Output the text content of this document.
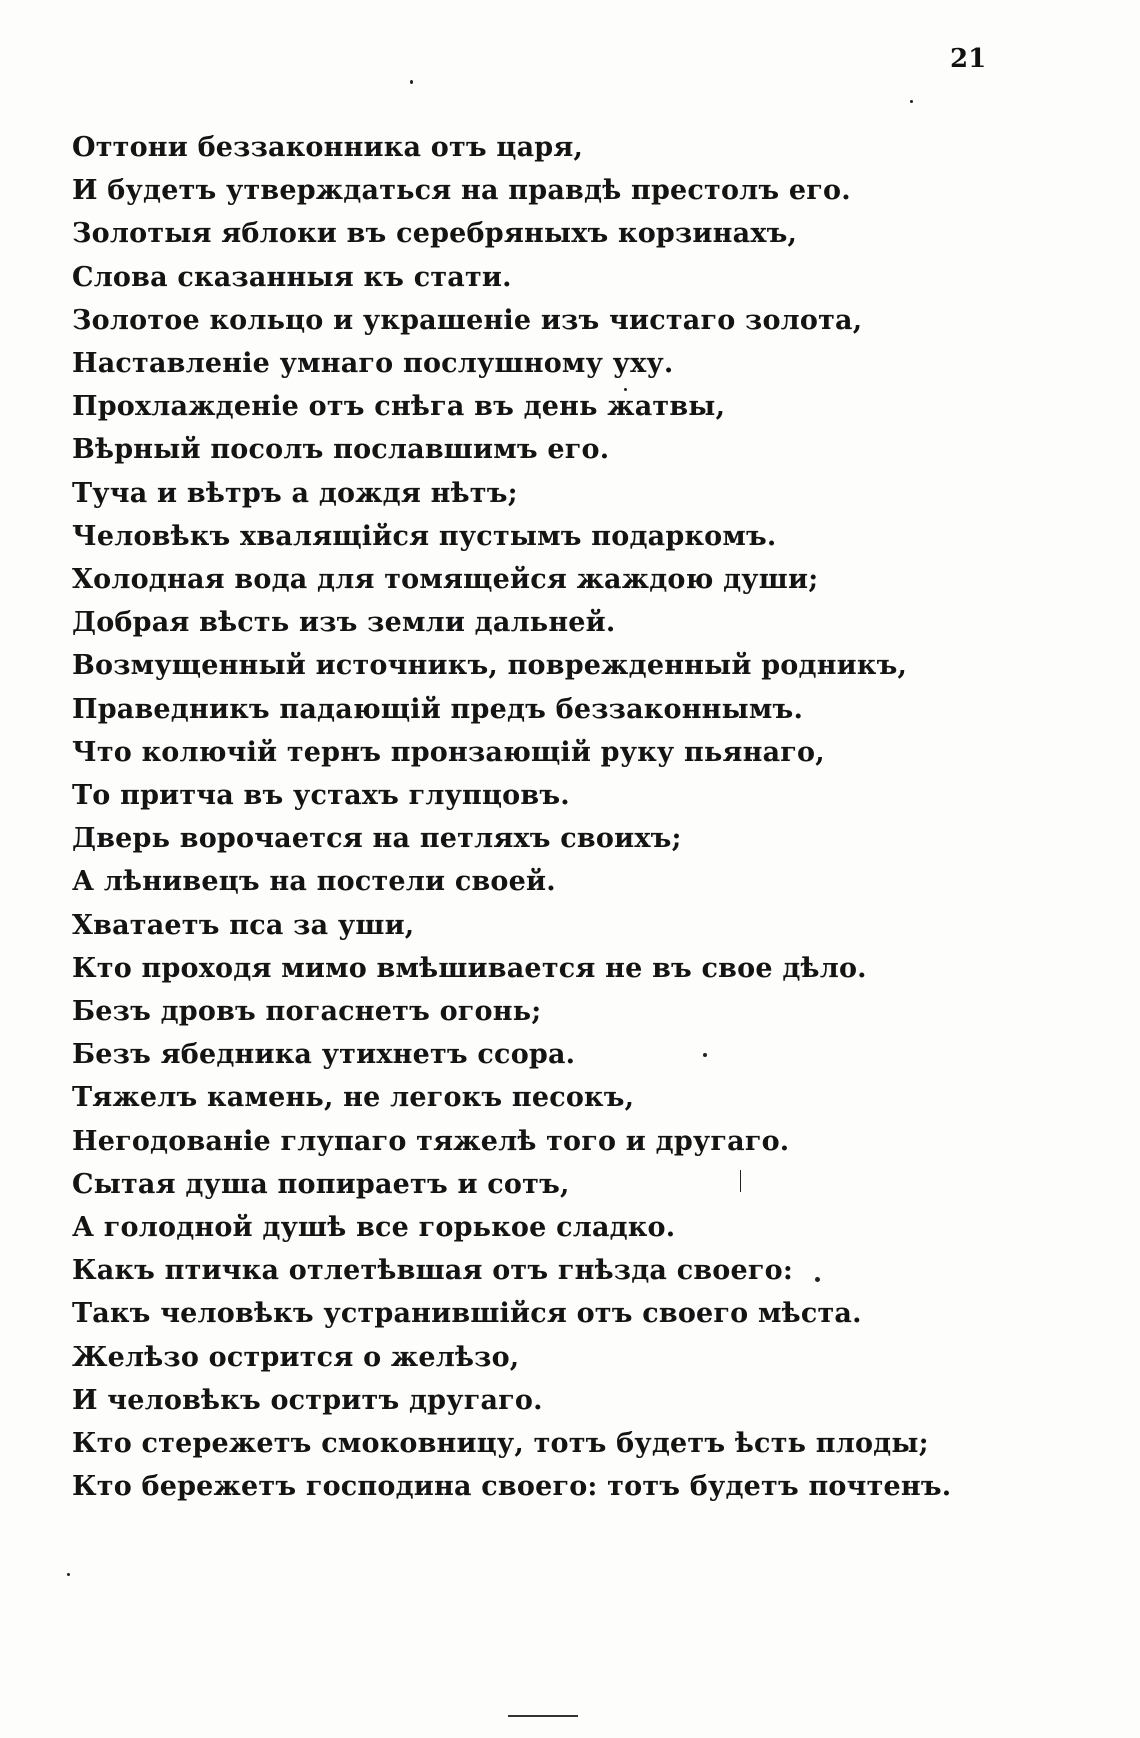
21
Оттони беззаконника отъ царя,
И будетъ утверждаться на правдѣ престолъ его.
Золотыя яблоки въ серебряныхъ корзинахъ,
Слова сказанныя къ стати.
Золотое кольцо и украшеніе изъ чистаго золота,
Наставленіе умнаго послушному уху.
Прохлажденіе отъ снѣга въ день жатвы,
Вѣрный посолъ пославшимъ его.
Туча и вѣтръ а дождя нѣтъ;
Человѣкъ хвалящійся пустымъ подаркомъ.
Холодная вода для томящейся жаждою души;
Добрая вѣсть изъ земли дальней.
Возмущенный источникъ, поврежденный родникъ,
Праведникъ падающій предъ беззаконнымъ.
Что колючій тернъ пронзающій руку пьянаго,
То притча въ устахъ глупцовъ.
Дверь ворочается на петляхъ своихъ;
А лѣнивецъ на постели своей.
Хватаетъ пса за уши,
Кто проходя мимо вмѣшивается не въ свое дѣло.
Безъ дровъ погаснетъ огонь;
Безъ ябедника утихнетъ ссора.
Тяжелъ камень, не легокъ песокъ,
Негодованіе глупаго тяжелѣ того и другаго.
Сытая душа попираетъ и сотъ,
А голодной душѣ все горькое сладко.
Какъ птичка отлетѣвшая отъ гнѣзда своего:
Такъ человѣкъ устранившійся отъ своего мѣста.
Желѣзо острится о желѣзо,
И человѣкъ остритъ другаго.
Кто стережетъ смоковницу, тотъ будетъ ѣсть плоды;
Кто бережетъ господина своего: тотъ будетъ почтенъ.
